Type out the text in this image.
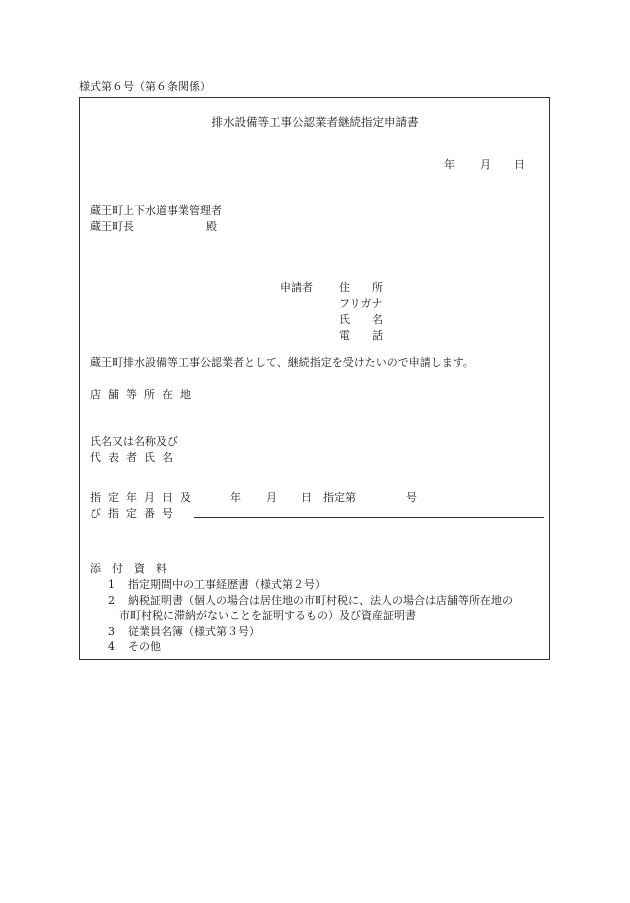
様式第６号（第６条関係）
排水設備等工事公認業者継続指定申請書
年 月 日
蔵王町上下水道事業管理者
蔵王町長	殿
申請者 住　　所
フリガナ
氏　　名
電　　話
蔵王町排水設備等工事公認業者として、継続指定を受けたいので申請します。
店舗等所在地
氏名又は名称及び
代表者氏名
指定年月日及	年 月 日 指定第	号
び指定番号
添　付　資　料
1 指定期間中の工事経歴書（様式第２号）
2 納税証明書（個人の場合は居住地の市町村税に、法人の場合は店舗等所在地の
市町村税に滞納がないことを証明するもの）及び資産証明書
3 従業員名簿（様式第３号）
4 その他
